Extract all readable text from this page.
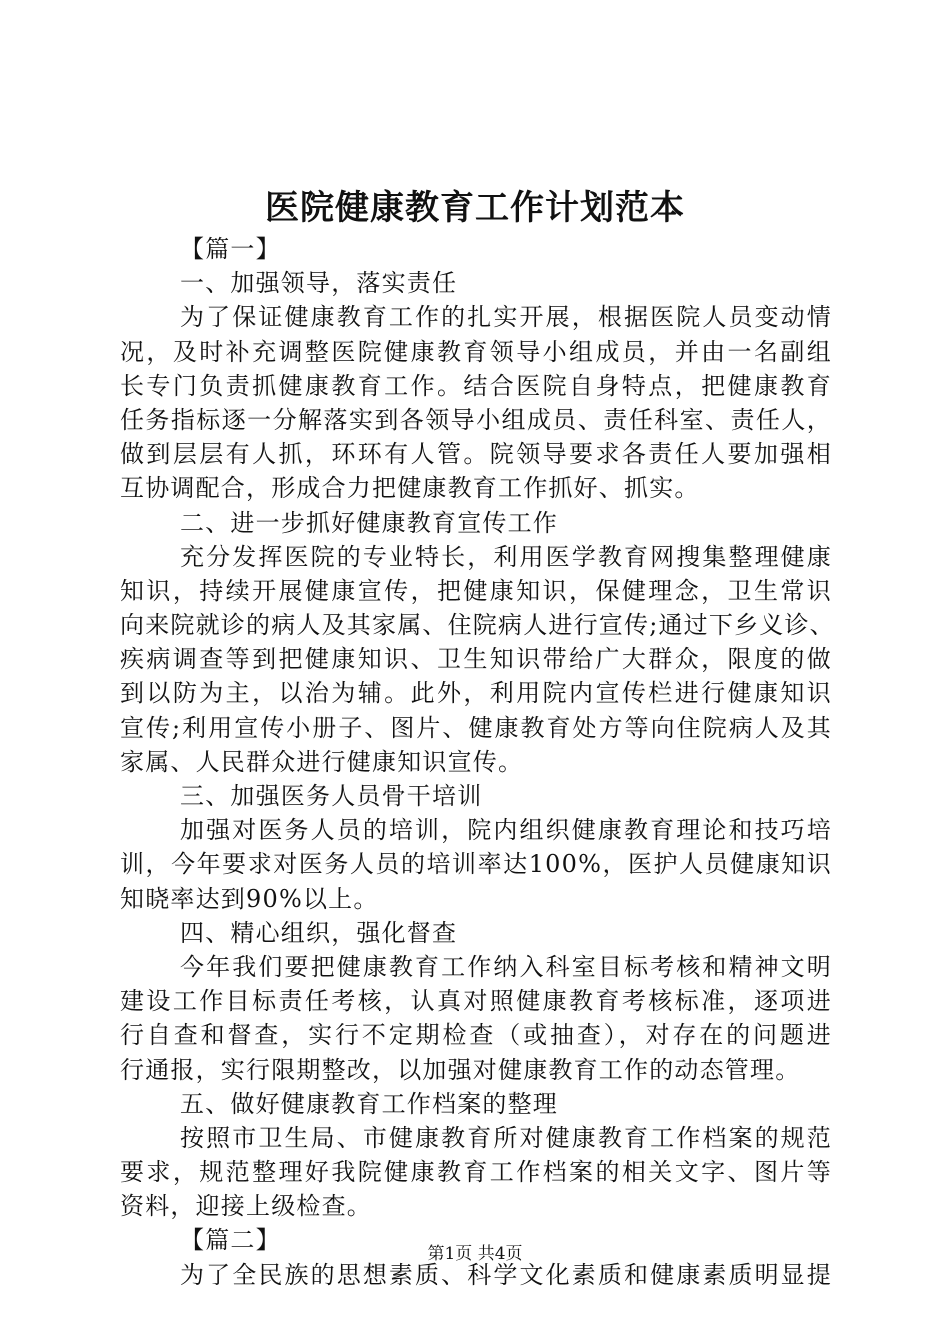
医院健康教育工作计划范本
【篇一】
一、加强领导，落实责任
为了保证健康教育工作的扎实开展，根据医院人员变动情
况，及时补充调整医院健康教育领导小组成员，并由一名副组
长专门负责抓健康教育工作。结合医院自身特点，把健康教育
任务指标逐一分解落实到各领导小组成员、责任科室、责任人，
做到层层有人抓，环环有人管。院领导要求各责任人要加强相
互协调配合，形成合力把健康教育工作抓好、抓实。
二、进一步抓好健康教育宣传工作
充分发挥医院的专业特长，利用医学教育网搜集整理健康
知识，持续开展健康宣传，把健康知识，保健理念，卫生常识
向来院就诊的病人及其家属、住院病人进行宣传;通过下乡义诊、
疾病调查等到把健康知识、卫生知识带给广大群众，限度的做
到以防为主，以治为辅。此外，利用院内宣传栏进行健康知识
宣传;利用宣传小册子、图片、健康教育处方等向住院病人及其
家属、人民群众进行健康知识宣传。
三、加强医务人员骨干培训
加强对医务人员的培训，院内组织健康教育理论和技巧培
训，今年要求对医务人员的培训率达100%，医护人员健康知识
知晓率达到90%以上。
四、精心组织，强化督查
今年我们要把健康教育工作纳入科室目标考核和精神文明
建设工作目标责任考核，认真对照健康教育考核标准，逐项进
行自查和督查，实行不定期检查（或抽查），对存在的问题进
行通报，实行限期整改，以加强对健康教育工作的动态管理。
五、做好健康教育工作档案的整理
按照市卫生局、市健康教育所对健康教育工作档案的规范
要求，规范整理好我院健康教育工作档案的相关文字、图片等
资料，迎接上级检查。
【篇二】
为了全民族的思想素质、科学文化素质和健康素质明显提
第1页 共4页
